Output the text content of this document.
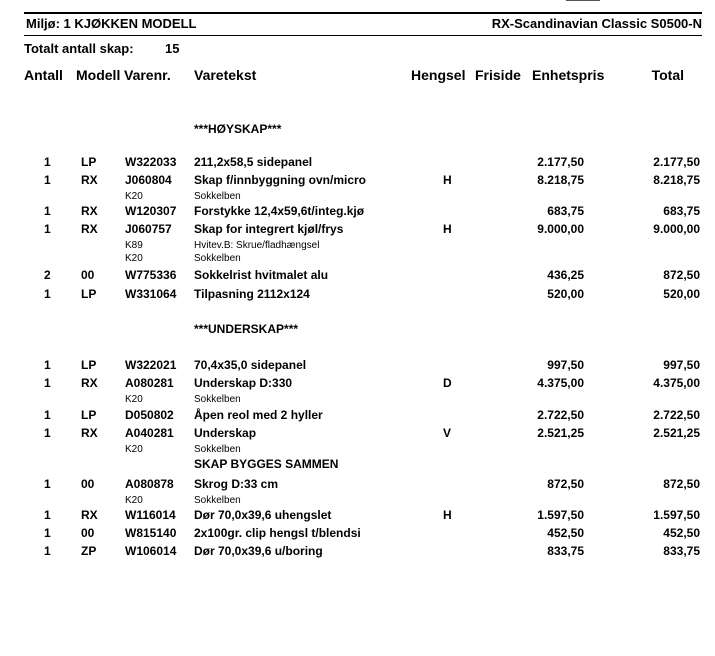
Miljø: 1 KJØKKEN MODELL	RX-Scandinavian Classic S0500-N
Totalt antall skap: 15
Antall Modell Varenr. Varetekst	Hengsel Friside Enhetspris	Total
***HØYSKAP***
1	LP W322033 211,2x58,5 sidepanel	2.177,50	2.177,50
1	RX J060804 Skap f/innbyggning ovn/micro	H	8.218,75	8.218,75
K20	Sokkelben
1	RX W120307 Forstykke 12,4x59,6t/integ.kjø	683,75	683,75
1	RX J060757 Skap for integrert kjøl/frys	H	9.000,00	9.000,00
K89	Hvitev.B: Skrue/fladhængsel
K20	Sokkelben
2	00	W775336 Sokkelrist hvitmalet alu	436,25	872,50
1	LP W331064 Tilpasning 2112x124	520,00	520,00
***UNDERSKAP***
1	LP W322021 70,4x35,0 sidepanel	997,50	997,50
1	RX A080281 Underskap D:330	D	4.375,00	4.375,00
K20	Sokkelben
1	LP D050802 Åpen reol med 2 hyller	2.722,50	2.722,50
1	RX A040281 Underskap	V	2.521,25	2.521,25
K20	Sokkelben
SKAP BYGGES SAMMEN
1	00	A080878 Skrog D:33 cm	872,50	872,50
K20	Sokkelben
1	RX W116014 Dør 70,0x39,6 uhengslet	H	1.597,50	1.597,50
1	00	W815140 2x100gr. clip hengsl t/blendsi	452,50	452,50
1	ZP W106014 Dør 70,0x39,6 u/boring	833,75	833,75
